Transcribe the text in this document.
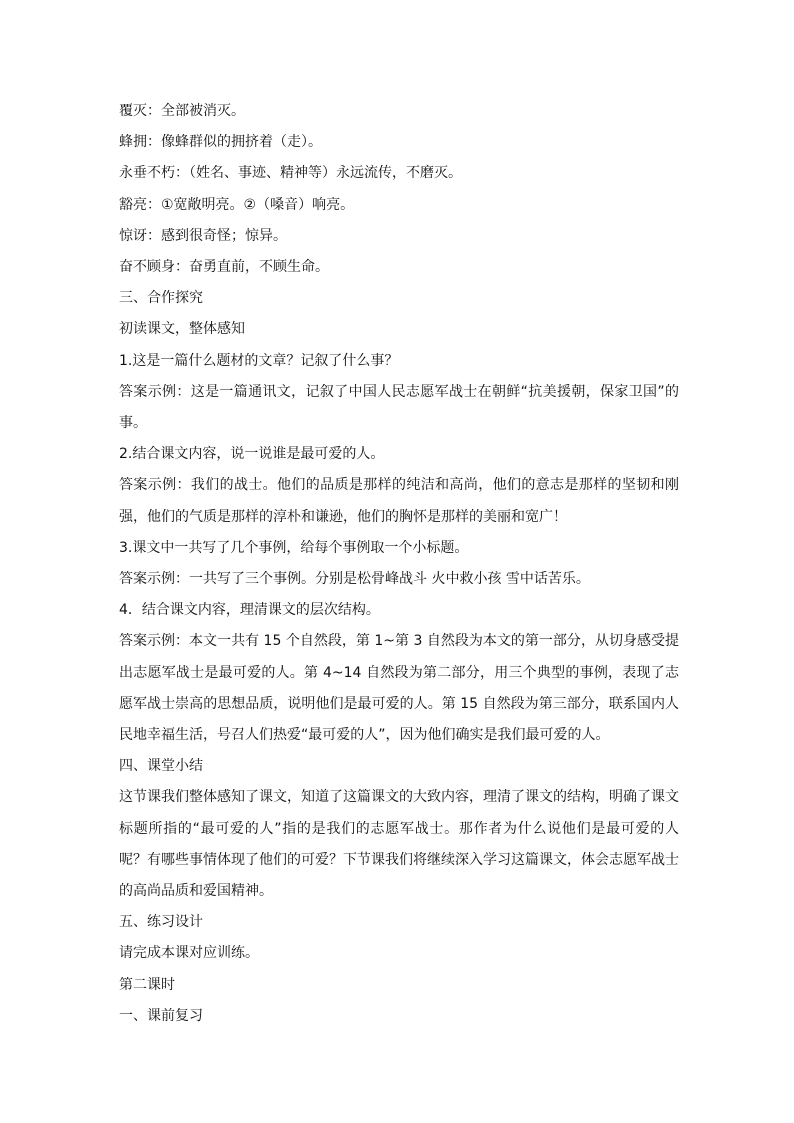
覆灭：全部被消灭。
蜂拥：像蜂群似的拥挤着（走）。
永垂不朽：（姓名、事迹、精神等）永远流传，不磨灭。
豁亮：①宽敞明亮。②（嗓音）响亮。
惊讶：感到很奇怪；惊异。
奋不顾身：奋勇直前，不顾生命。
三、合作探究
初读课文，整体感知
1.这是一篇什么题材的文章？记叙了什么事？
答案示例：这是一篇通讯文，记叙了中国人民志愿军战士在朝鲜“抗美援朝，保家卫国”的事。
2.结合课文内容，说一说谁是最可爱的人。
答案示例：我们的战士。他们的品质是那样的纯洁和高尚，他们的意志是那样的坚韧和刚强，他们的气质是那样的淳朴和谦逊，他们的胸怀是那样的美丽和宽广！
3.课文中一共写了几个事例，给每个事例取一个小标题。
答案示例：一共写了三个事例。分别是松骨峰战斗 火中救小孩 雪中话苦乐。
4．结合课文内容，理清课文的层次结构。
答案示例：本文一共有 15 个自然段，第 1~第 3 自然段为本文的第一部分，从切身感受提出志愿军战士是最可爱的人。第 4~14 自然段为第二部分，用三个典型的事例，表现了志愿军战士崇高的思想品质，说明他们是最可爱的人。第 15 自然段为第三部分，联系国内人民地幸福生活，号召人们热爱“最可爱的人”，因为他们确实是我们最可爱的人。
四、课堂小结
这节课我们整体感知了课文，知道了这篇课文的大致内容，理清了课文的结构，明确了课文标题所指的“最可爱的人”指的是我们的志愿军战士。那作者为什么说他们是最可爱的人呢？有哪些事情体现了他们的可爱？下节课我们将继续深入学习这篇课文，体会志愿军战士的高尚品质和爱国精神。
五、练习设计
请完成本课对应训练。
第二课时
一、课前复习
